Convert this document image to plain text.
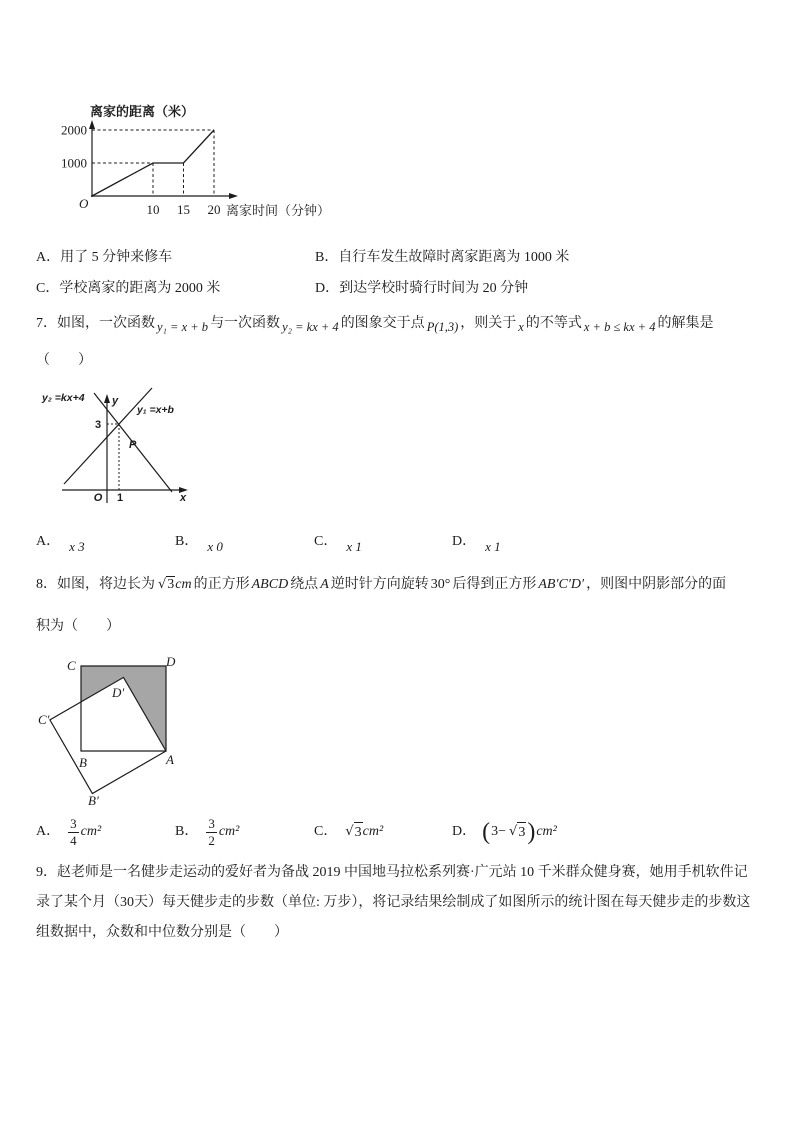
离家的距离（米）
离家时间（分钟）
O
2000
1000
10 15 20
A．用了 5 分钟来修车	B．自行车发生故障时离家距离为 1000 米
C．学校离家的距离为 2000 米	D．到达学校时骑行时间为 20 分钟
7．如图，一次函数 y₁ = x + b 与一次函数 y₂ = kx + 4 的图象交于点 P(1,3) ，则关于 x 的不等式 x + b ≤ kx + 4 的解集是
（　　）
y₂ =kx+4
y₁ =x+b
y
x
O
P
3
1
A． x 3	B． x 0	C． x 1	D． x 1
8．如图，将边长为 √3cm 的正方形 ABCD 绕点 A 逆时针方向旋转 30° 后得到正方形 AB′C′D′ ，则图中阴影部分的面
积为（　　）
C	D
D′
C′
B	A
B′
A． $\frac{3}{4} cm^2$	B． $\frac{3}{2} cm^2$	C． √ 3 cm²	D． ( 3− √ 3 ) cm²
9．赵老师是一名健步走运动的爱好者为备战 2019 中国地马拉松系列赛·广元站 10 千米群众健身赛，她用手机软件记
录了某个月（30天）每天健步走的步数（单位: 万步），将记录结果绘制成了如图所示的统计图在每天健步走的步数这
组数据中，众数和中位数分别是（　　）
